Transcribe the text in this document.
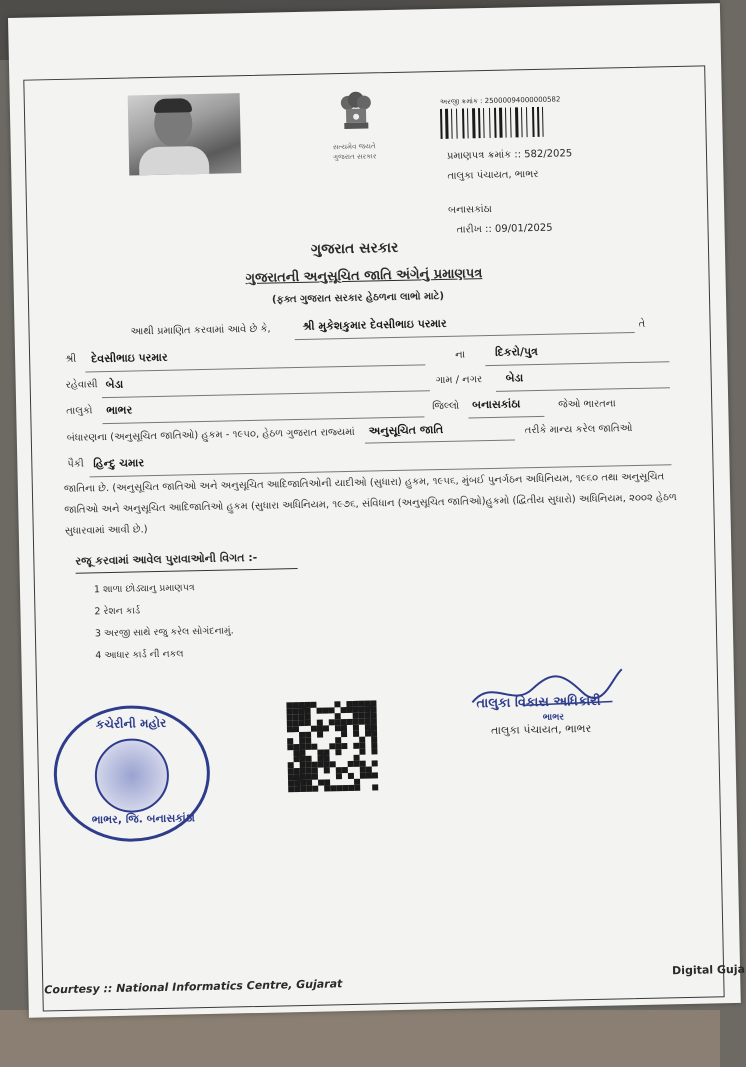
સત્યમેવ જયતે
ગુજરાત સરકાર
અરજી ક્રમાંક : 25000094000000582
પ્રમાણપત્ર ક્રમાંક :: 582/2025
તાલુકા પંચાયત, ભાભર
બનાસકાંઠા
તારીખ :: 09/01/2025
ગુજરાત સરકાર
ગુજરાતની અનુસૂચિત જાતિ અંગેનું પ્રમાણપત્ર
(ફક્ત ગુજરાત સરકાર હેઠળના લાભો માટે)
આથી પ્રમાણિત કરવામાં આવે છે કે,	શ્રી મુકેશકુમાર દેવસીભાઇ પરમાર	તે
શ્રી દેવસીભાઇ પરમાર	ના	દિકરો/પુત્ર
રહેવાસી બેડા	ગામ / નગર બેડા
તાલુકો ભાભર	જિલ્લો બનાસકાંઠા	જેઓ ભારતના
બંધારણના (અનુસૂચિત જાતિઓ) હુકમ - ૧૯૫૦, હેઠળ ગુજરાત રાજ્યમાં અનુસૂચિત જાતિ	તરીકે માન્ય કરેલ જાતિઓ
પૈકી હિન્દુ ચમાર
જાતિના છે. (અનુસૂચિત જાતિઓ અને અનુસૂચિત આદિજાતિઓની યાદીઓ (સુધારા) હુકમ, ૧૯૫૬, મુંબઈ પુનર્ગઠન અધિનિયમ, ૧૯૬૦ તથા અનુસૂચિત જાતિઓ અને અનુસૂચિત આદિજાતિઓ હુકમ (સુધારા અધિનિયમ, ૧૯૭૬, સંવિધાન (અનુસૂચિત જાતિઓ)હુકમો (દ્વિતીય સુધારો) અધિનિયમ, ૨૦૦૨ હેઠળ સુધારવામાં આવી છે.)
રજૂ કરવામાં આવેલ પુરાવાઓની વિગત :-
1 શાળા છોડ્યાનુ પ્રમાણપત્ર
2 રેશન કાર્ડ
3 અરજી સાથે રજુ કરેલ સોગંદનામું.
4 આધાર કાર્ડ ની નકલ
કચેરીની મહોર
ભાભર, જિ. બનાસકાંઠા
તાલુકા વિકાસ અધિકારી
ભાભર
તાલુકા પંચાયત, ભાભર
Courtesy :: National Informatics Centre, Gujarat
Digital Guja
